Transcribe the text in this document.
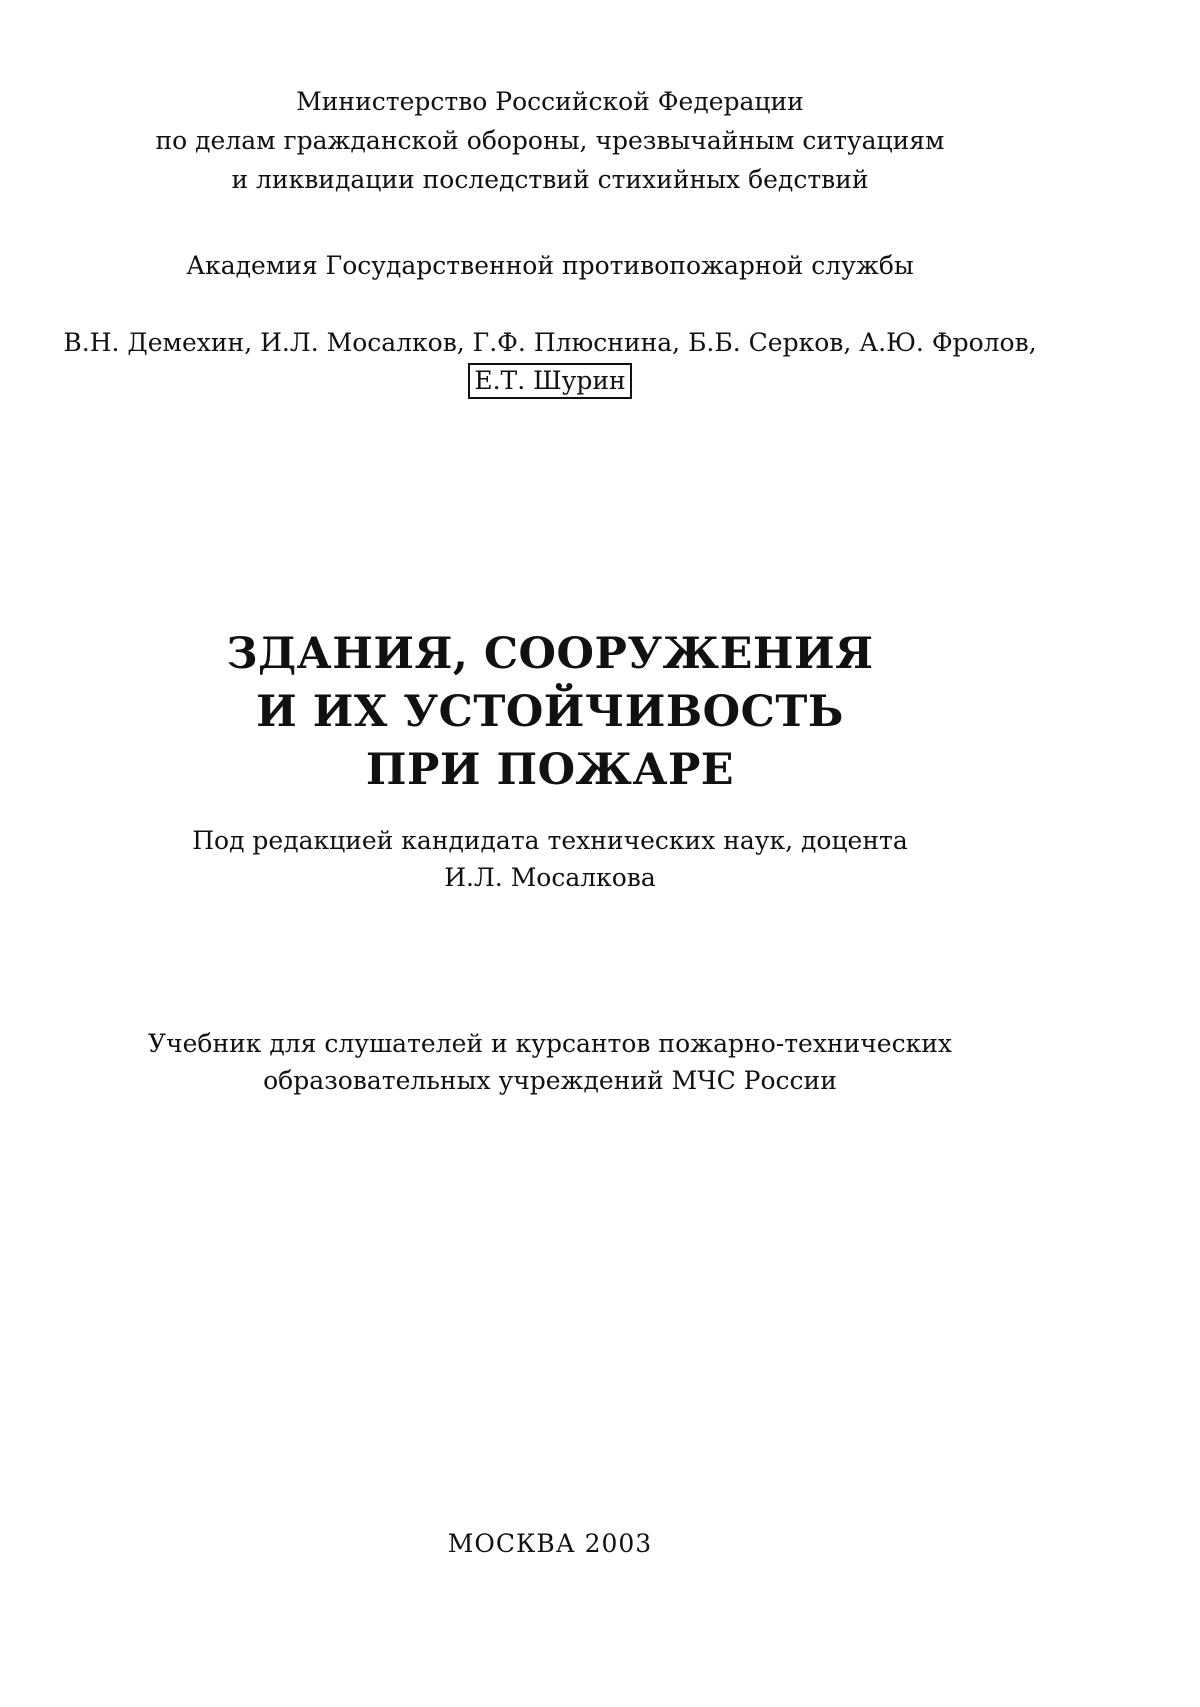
Министерство Российской Федерации
по делам гражданской обороны, чрезвычайным ситуациям
и ликвидации последствий стихийных бедствий
Академия Государственной противопожарной службы
В.Н. Демехин, И.Л. Мосалков, Г.Ф. Плюснина, Б.Б. Серков, А.Ю. Фролов,
Е.Т. Шурин
ЗДАНИЯ, СООРУЖЕНИЯ
И ИХ УСТОЙЧИВОСТЬ
ПРИ ПОЖАРЕ
Под редакцией кандидата технических наук, доцента
И.Л. Мосалкова
Учебник для слушателей и курсантов пожарно-технических
образовательных учреждений МЧС России
МОСКВА 2003
